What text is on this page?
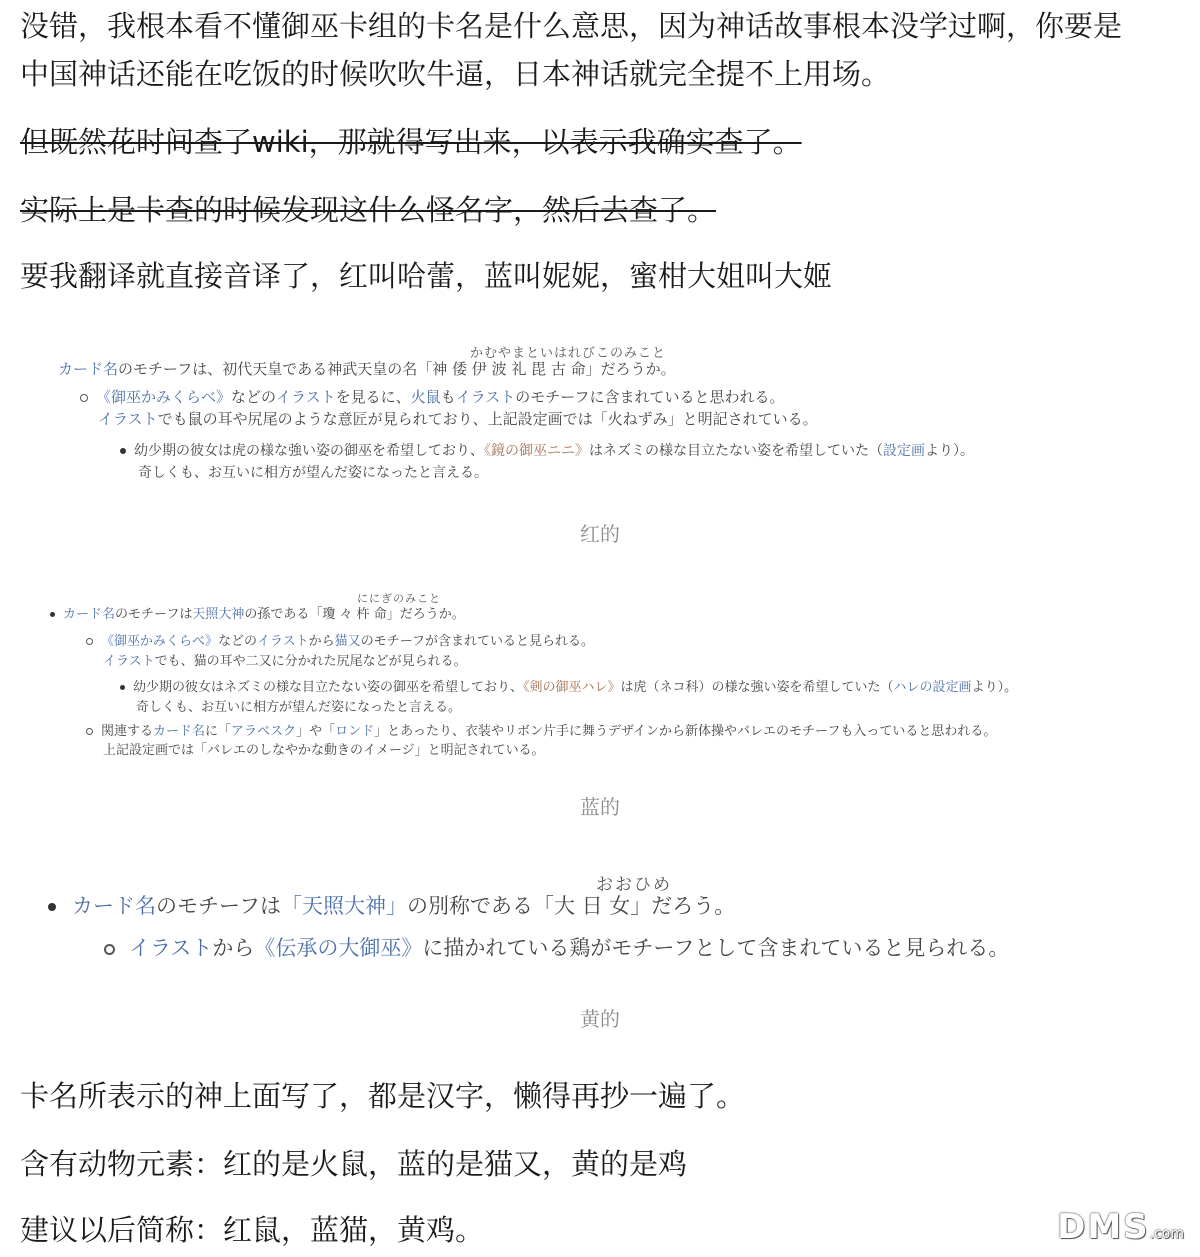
没错，我根本看不懂御巫卡组的卡名是什么意思，因为神话故事根本没学过啊，你要是

中国神话还能在吃饭的时候吹吹牛逼，日本神话就完全提不上用场。

但既然花时间查了wiki，那就得写出来，以表示我确实查了。

实际上是卡查的时候发现这什么怪名字，然后去查了。

要我翻译就直接音译了，红叫哈蕾，蓝叫妮妮，蜜柑大姐叫大姬

かむやまといはれびこのみこと
カード名のモチーフは、初代天皇である神武天皇の名「神 倭 伊 波 礼 毘 古 命」だろうか。
《御巫かみくらべ》などのイラストを見るに、火鼠もイラストのモチーフに含まれていると思われる。
イラストでも鼠の耳や尻尾のような意匠が見られており、上記設定画では「火ねずみ」と明記されている。
幼少期の彼女は虎の様な強い姿の御巫を希望しており、《鏡の御巫ニニ》はネズミの様な目立たない姿を希望していた（設定画より）。
奇しくも、お互いに相方が望んだ姿になったと言える。
红的
ににぎのみこと
カード名のモチーフは天照大神の孫である「瓊 々 杵 命」だろうか。
《御巫かみくらべ》などのイラストから猫又のモチーフが含まれていると見られる。
イラストでも、猫の耳や二又に分かれた尻尾などが見られる。
幼少期の彼女はネズミの様な目立たない姿の御巫を希望しており、《剣の御巫ハレ》は虎（ネコ科）の様な強い姿を希望していた（ハレの設定画より）。
奇しくも、お互いに相方が望んだ姿になったと言える。
関連するカード名に「アラベスク」や「ロンド」とあったり、衣装やリボン片手に舞うデザインから新体操やバレエのモチーフも入っていると思われる。
上記設定画では「バレエのしなやかな動きのイメージ」と明記されている。
蓝的
おおひめ
カード名のモチーフは「天照大神」の別称である「大 日 女」だろう。
イラストから《伝承の大御巫》に描かれている鶏がモチーフとして含まれていると見られる。
黄的

卡名所表示的神上面写了，都是汉字，懒得再抄一遍了。

含有动物元素：红的是火鼠，蓝的是猫又，黄的是鸡

建议以后简称：红鼠，蓝猫，黄鸡。	DMS.com
